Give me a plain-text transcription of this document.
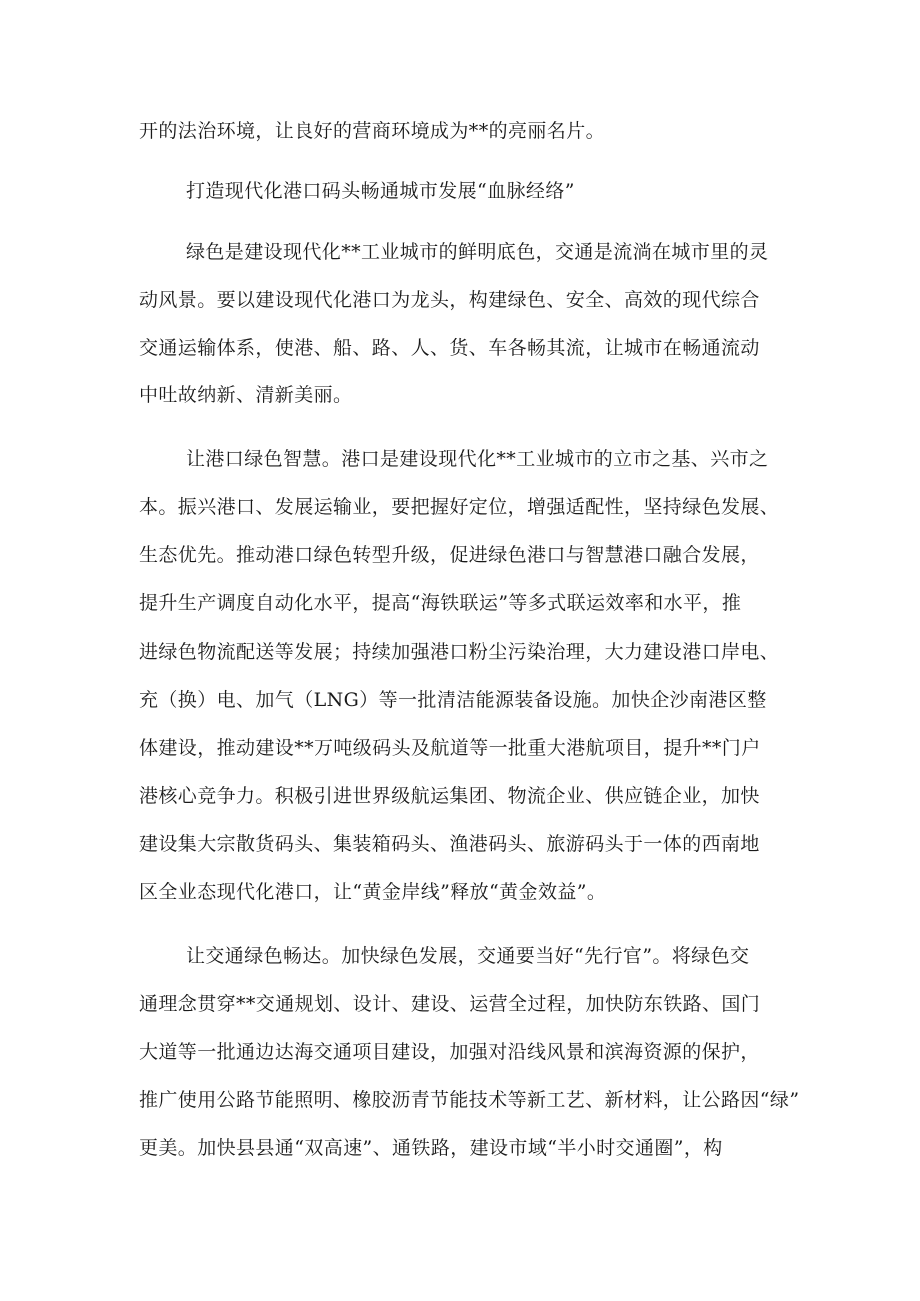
开的法治环境，让良好的营商环境成为**的亮丽名片。
打造现代化港口码头畅通城市发展“血脉经络”
绿色是建设现代化**工业城市的鲜明底色，交通是流淌在城市里的灵
动风景。要以建设现代化港口为龙头，构建绿色、安全、高效的现代综合
交通运输体系，使港、船、路、人、货、车各畅其流，让城市在畅通流动
中吐故纳新、清新美丽。
让港口绿色智慧。港口是建设现代化**工业城市的立市之基、兴市之
本。振兴港口、发展运输业，要把握好定位，增强适配性，坚持绿色发展、
生态优先。推动港口绿色转型升级，促进绿色港口与智慧港口融合发展，
提升生产调度自动化水平，提高“海铁联运”等多式联运效率和水平，推
进绿色物流配送等发展；持续加强港口粉尘污染治理，大力建设港口岸电、
充（换）电、加气（LNG）等一批清洁能源装备设施。加快企沙南港区整
体建设，推动建设**万吨级码头及航道等一批重大港航项目，提升**门户
港核心竞争力。积极引进世界级航运集团、物流企业、供应链企业，加快
建设集大宗散货码头、集装箱码头、渔港码头、旅游码头于一体的西南地
区全业态现代化港口，让“黄金岸线”释放“黄金效益”。
让交通绿色畅达。加快绿色发展，交通要当好“先行官”。将绿色交
通理念贯穿**交通规划、设计、建设、运营全过程，加快防东铁路、国门
大道等一批通边达海交通项目建设，加强对沿线风景和滨海资源的保护，
推广使用公路节能照明、橡胶沥青节能技术等新工艺、新材料，让公路因“绿”
更美。加快县县通“双高速”、通铁路，建设市域“半小时交通圈”，构
